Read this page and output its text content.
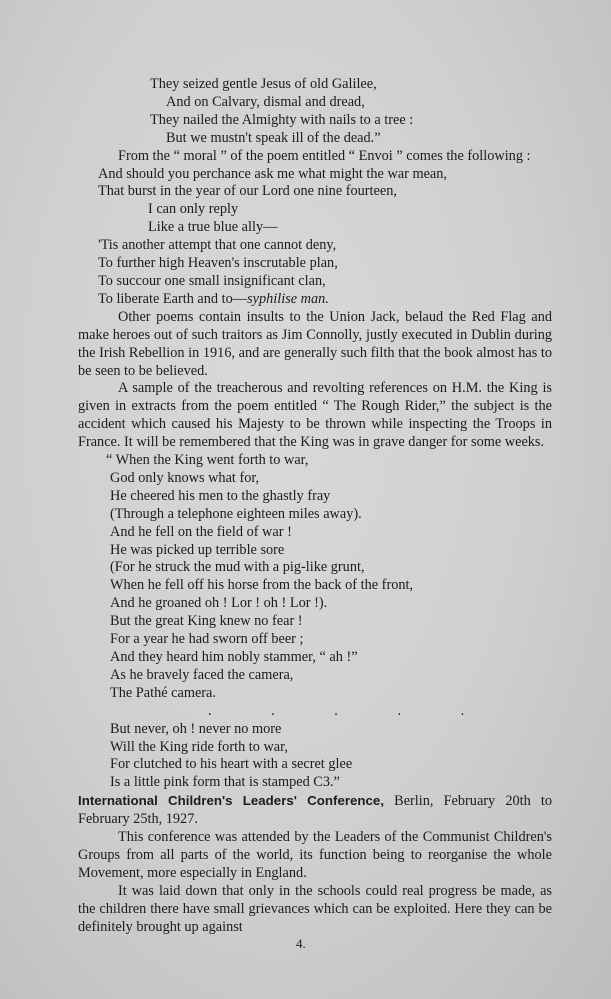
They seized gentle Jesus of old Galilee,
And on Calvary, dismal and dread,
They nailed the Almighty with nails to a tree :
But we mustn't speak ill of the dead.”

From the “ moral ” of the poem entitled “ Envoi ” comes the following :

And should you perchance ask me what might the war mean,
That burst in the year of our Lord one nine fourteen,
I can only reply
Like a true blue ally—
'Tis another attempt that one cannot deny,
To further high Heaven's inscrutable plan,
To succour one small insignificant clan,
To liberate Earth and to—syphilise man.

Other poems contain insults to the Union Jack, belaud the Red Flag and make heroes out of such traitors as Jim Connolly, justly executed in Dublin during the Irish Rebellion in 1916, and are generally such filth that the book almost has to be seen to be believed.

A sample of the treacherous and revolting references on H.M. the King is given in extracts from the poem entitled “ The Rough Rider,” the subject is the accident which caused his Majesty to be thrown while inspecting the Troops in France. It will be remembered that the King was in grave danger for some weeks.

“ When the King went forth to war,
God only knows what for,
He cheered his men to the ghastly fray
(Through a telephone eighteen miles away).
And he fell on the field of war !
He was picked up terrible sore
(For he struck the mud with a pig-like grunt,
When he fell off his horse from the back of the front,
And he groaned oh ! Lor ! oh ! Lor !).
But the great King knew no fear !
For a year he had sworn off beer ;
And they heard him nobly stammer, “ ah !”
As he bravely faced the camera,
The Pathé camera.
. . . . .
But never, oh ! never no more
Will the King ride forth to war,
For clutched to his heart with a secret glee
Is a little pink form that is stamped C3.”

International Children's Leaders' Conference, Berlin, February 20th to February 25th, 1927.

This conference was attended by the Leaders of the Communist Children's Groups from all parts of the world, its function being to reorganise the whole Movement, more especially in England.

It was laid down that only in the schools could real progress be made, as the children there have small grievances which can be exploited. Here they can be definitely brought up against

4.
